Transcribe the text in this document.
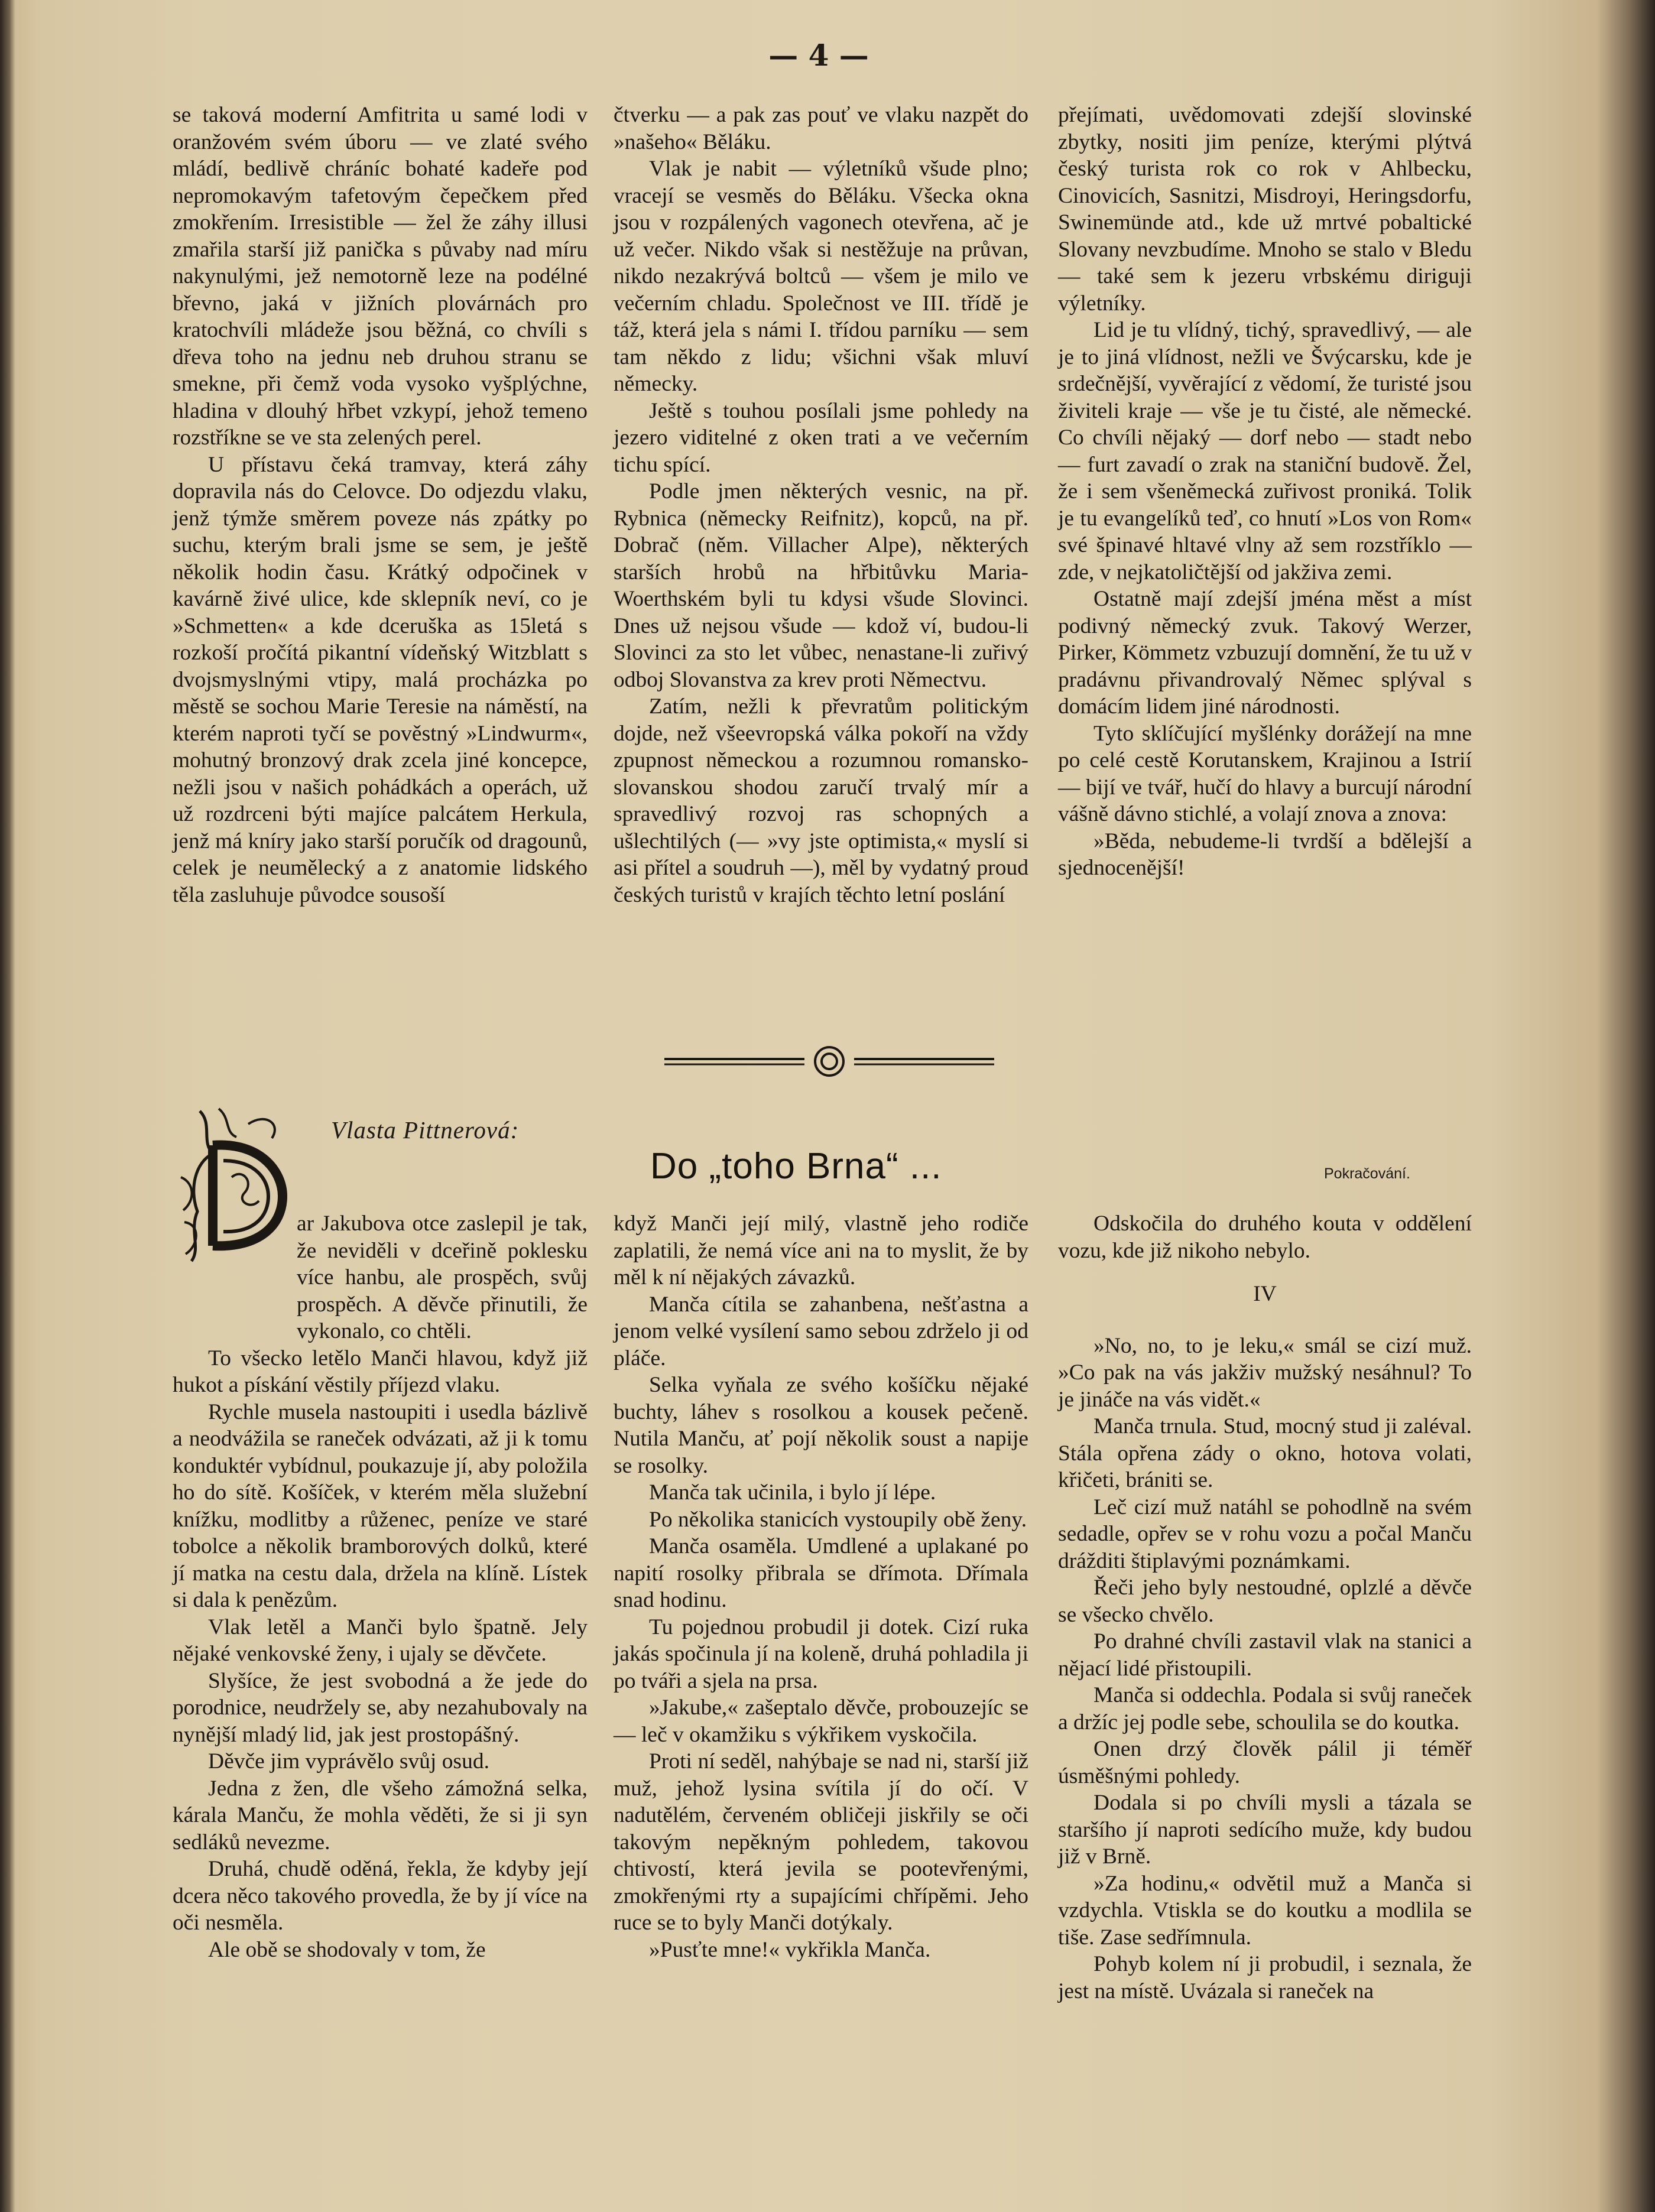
— 4 —

se taková moderní Amfitrita u samé lodi v oranžovém svém úboru — ve zlaté svého mládí, bedlivě chráníc bohaté kadeře pod nepromokavým tafetovým čepečkem před zmokřením. Irresistible — žel že záhy illusi zmařila starší již panička s půvaby nad míru nakynulými, jež nemotorně leze na podélné břevno, jaká v jižních plovárnách pro kratochvíli mládeže jsou běžná, co chvíli s dřeva toho na jednu neb druhou stranu se smekne, při čemž voda vysoko vyšplýchne, hladina v dlouhý hřbet vzkypí, jehož temeno rozstříkne se ve sta zelených perel.

U přístavu čeká tramvay, která záhy dopravila nás do Celovce. Do odjezdu vlaku, jenž týmže směrem poveze nás zpátky po suchu, kterým brali jsme se sem, je ještě několik hodin času. Krátký odpočinek v kavárně živé ulice, kde sklepník neví, co je »Schmetten« a kde dceruška as 15letá s rozkoší pročítá pikantní vídeňský Witzblatt s dvojsmyslnými vtipy, malá procházka po městě se sochou Marie Teresie na náměstí, na kterém naproti tyčí se pověstný »Lindwurm«, mohutný bronzový drak zcela jiné koncepce, nežli jsou v našich pohádkách a operách, už už rozdrceni býti majíce palcátem Herkula, jenž má kníry jako starší poručík od dragounů, celek je neumělecký a z anatomie lidského těla zasluhuje původce sousoší

čtverku — a pak zas pouť ve vlaku nazpět do »našeho« Běláku.

Vlak je nabit — výletníků všude plno; vracejí se vesměs do Běláku. Všecka okna jsou v rozpálených vagonech otevřena, ač je už večer. Nikdo však si nestěžuje na průvan, nikdo nezakrývá boltců — všem je milo ve večerním chladu. Společnost ve III. třídě je táž, která jela s námi I. třídou parníku — sem tam někdo z lidu; všichni však mluví německy.

Ještě s touhou posílali jsme pohledy na jezero viditelné z oken trati a ve večerním tichu spící.

Podle jmen některých vesnic, na př. Rybnica (německy Reifnitz), kopců, na př. Dobrač (něm. Villacher Alpe), některých starších hrobů na hřbitůvku Maria-Woerthském byli tu kdysi všude Slovinci. Dnes už nejsou všude — kdož ví, budou-li Slovinci za sto let vůbec, nenastane-li zuřivý odboj Slovanstva za krev proti Němectvu.

Zatím, nežli k převratům politickým dojde, než všeevropská válka pokoří na vždy zpupnost německou a rozumnou romansko-slovanskou shodou zaručí trvalý mír a spravedlivý rozvoj ras schopných a ušlechtilých (— »vy jste optimista,« myslí si asi přítel a soudruh —), měl by vydatný proud českých turistů v krajích těchto letní poslání

přejímati, uvědomovati zdejší slovinské zbytky, nositi jim peníze, kterými plýtvá český turista rok co rok v Ahlbecku, Cinovicích, Sasnitzi, Misdroyi, Heringsdorfu, Swinemünde atd., kde už mrtvé pobaltické Slovany nevzbudíme. Mnoho se stalo v Bledu — také sem k jezeru vrbskému diriguji výletníky.

Lid je tu vlídný, tichý, spravedlivý, — ale je to jiná vlídnost, nežli ve Švýcarsku, kde je srdečnější, vyvěrající z vědomí, že turisté jsou živiteli kraje — vše je tu čisté, ale německé. Co chvíli nějaký — dorf nebo — stadt nebo — furt zavadí o zrak na staniční budově. Žel, že i sem všeněmecká zuřivost proniká. Tolik je tu evangelíků teď, co hnutí »Los von Rom« své špinavé hltavé vlny až sem rozstříklo — zde, v nejkatoličtější od jakživa zemi.

Ostatně mají zdejší jména měst a míst podivný německý zvuk. Takový Werzer, Pirker, Kömmetz vzbuzují domnění, že tu už v pradávnu přivandrovalý Němec splýval s domácím lidem jiné národnosti.

Tyto sklíčující myšlénky dorážejí na mne po celé cestě Korutanskem, Krajinou a Istrií — bijí ve tvář, hučí do hlavy a burcují národní vášně dávno stichlé, a volají znova a znova:

»Běda, nebudeme-li tvrdší a bdělejší a sjednocenější!

Vlasta Pittnerová:
Do „toho Brna“ ...	Pokračování.

ar Jakubova otce zaslepil je tak, že neviděli v dceřině poklesku více hanbu, ale prospěch, svůj prospěch. A děvče přinutili, že vykonalo, co chtěli.

To všecko letělo Manči hlavou, když již hukot a pískání věstily příjezd vlaku.

Rychle musela nastoupiti i usedla bázlivě a neodvážila se raneček odvázati, až ji k tomu konduktér vybídnul, poukazuje jí, aby položila ho do sítě. Košíček, v kterém měla služební knížku, modlitby a růženec, peníze ve staré tobolce a několik bramborových dolků, které jí matka na cestu dala, držela na klíně. Lístek si dala k penězům.

Vlak letěl a Manči bylo špatně. Jely nějaké venkovské ženy, i ujaly se děvčete.

Slyšíce, že jest svobodná a že jede do porodnice, neudržely se, aby nezahubovaly na nynější mladý lid, jak jest prostopášný.

Děvče jim vyprávělo svůj osud.

Jedna z žen, dle všeho zámožná selka, kárala Manču, že mohla věděti, že si ji syn sedláků nevezme.

Druhá, chudě oděná, řekla, že kdyby její dcera něco takového provedla, že by jí více na oči nesměla.

Ale obě se shodovaly v tom, že

když Manči její milý, vlastně jeho rodiče zaplatili, že nemá více ani na to myslit, že by měl k ní nějakých závazků.

Manča cítila se zahanbena, nešťastna a jenom velké vysílení samo sebou zdrželo ji od pláče.

Selka vyňala ze svého košíčku nějaké buchty, láhev s rosolkou a kousek pečeně. Nutila Manču, ať pojí několik soust a napije se rosolky.

Manča tak učinila, i bylo jí lépe.

Po několika stanicích vystoupily obě ženy.

Manča osaměla. Umdlené a uplakané po napití rosolky přibrala se dřímota. Dřímala snad hodinu.

Tu pojednou probudil ji dotek. Cizí ruka jakás spočinula jí na koleně, druhá pohladila ji po tváři a sjela na prsa.

»Jakube,« zašeptalo děvče, probouzejíc se — leč v okamžiku s výkřikem vyskočila.

Proti ní seděl, nahýbaje se nad ni, starší již muž, jehož lysina svítila jí do očí. V nadutělém, červeném obličeji jiskřily se oči takovým nepěkným pohledem, takovou chtivostí, která jevila se pootevřenými, zmokřenými rty a supajícími chřípěmi. Jeho ruce se to byly Manči dotýkaly.

»Pusťte mne!« vykřikla Manča.

Odskočila do druhého kouta v oddělení vozu, kde již nikoho nebylo.

IV

»No, no, to je leku,« smál se cizí muž. »Co pak na vás jakživ mužský nesáhnul? To je jináče na vás vidět.«

Manča trnula. Stud, mocný stud ji zaléval. Stála opřena zády o okno, hotova volati, křičeti, brániti se.

Leč cizí muž natáhl se pohodlně na svém sedadle, opřev se v rohu vozu a počal Manču drážditi štiplavými poznámkami.

Řeči jeho byly nestoudné, oplzlé a děvče se všecko chvělo.

Po drahné chvíli zastavil vlak na stanici a nějací lidé přistoupili.

Manča si oddechla. Podala si svůj raneček a držíc jej podle sebe, schoulila se do koutka.

Onen drzý člověk pálil ji téměř úsměšnými pohledy.

Dodala si po chvíli mysli a tázala se staršího jí naproti sedícího muže, kdy budou již v Brně.

»Za hodinu,« odvětil muž a Manča si vzdychla. Vtiskla se do koutku a modlila se tiše. Zase sedřímnula.

Pohyb kolem ní ji probudil, i seznala, že jest na místě. Uvázala si raneček na
